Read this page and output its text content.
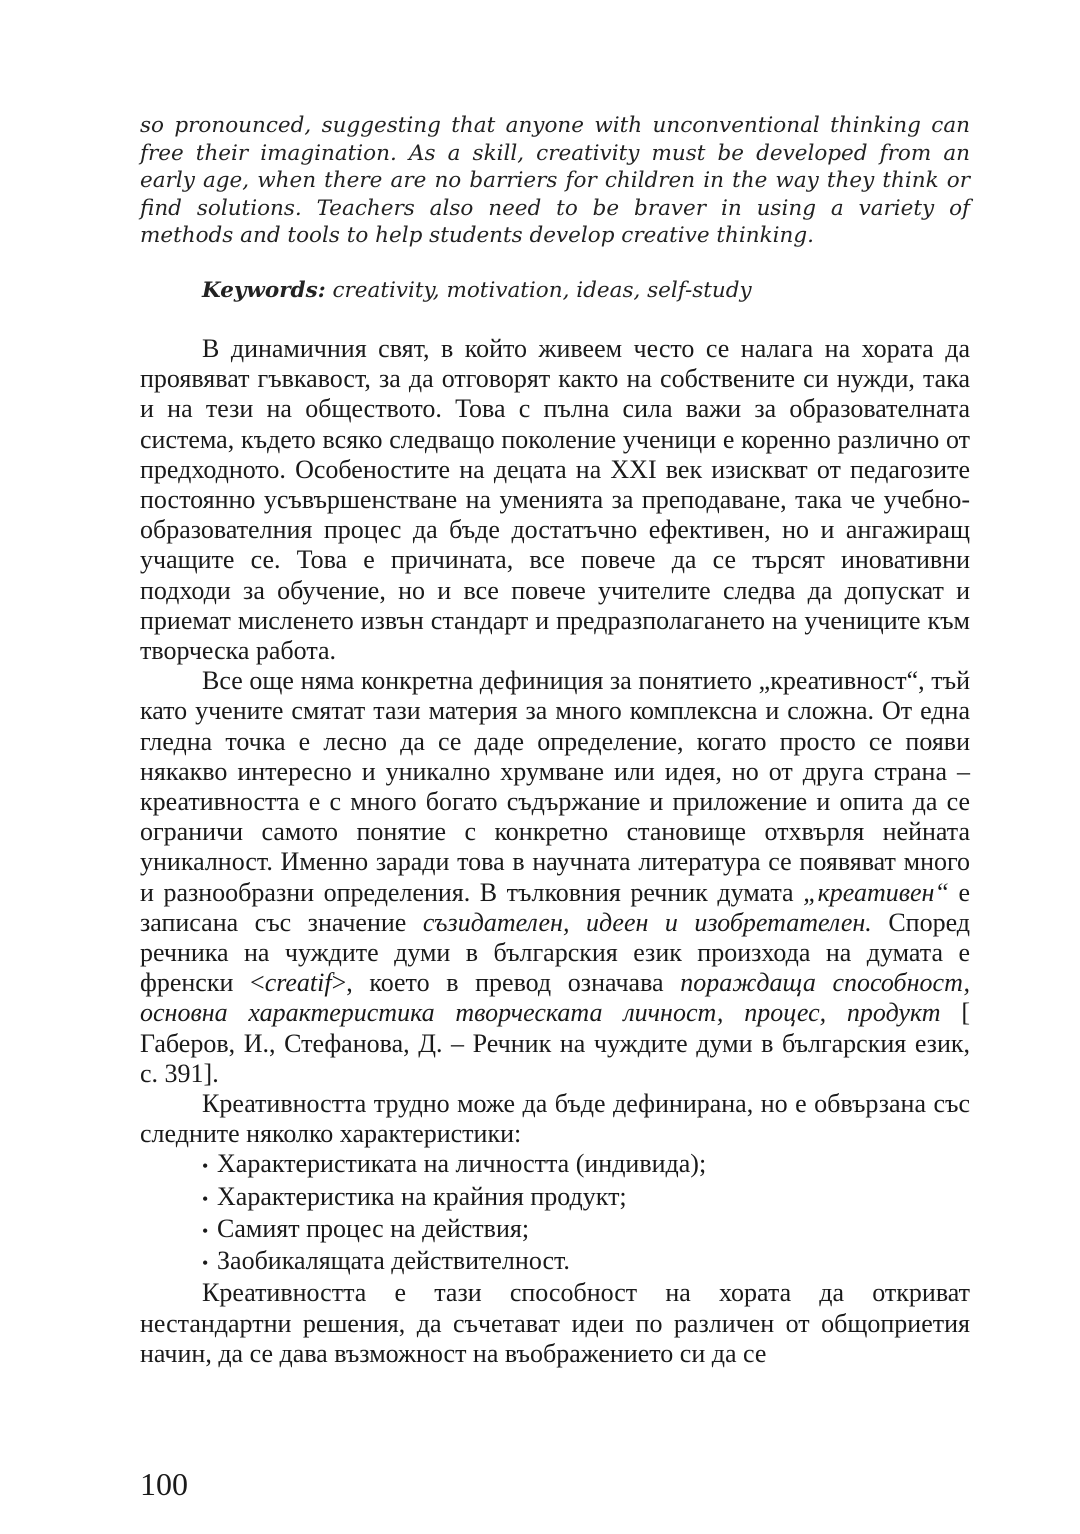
so pronounced, suggesting that anyone with unconventional thinking can free their imagination. As a skill, creativity must be developed from an early age, when there are no barriers for children in the way they think or find solutions. Teachers also need to be braver in using a variety of methods and tools to help students develop creative thinking.

Keywords: creativity, motivation, ideas, self-study

В динамичния свят, в който живеем често се налага на хората да проявяват гъвкавост, за да отговорят както на собствените си нужди, така и на тези на обществото. Това с пълна сила важи за образователната система, където всяко следващо поколение ученици е коренно различно от предходното. Особеностите на децата на XXI век изискват от педагозите постоянно усъвършенстване на уменията за преподаване, така че учебно-образователния процес да бъде достатъчно ефективен, но и ангажиращ учащите се. Това е причината, все повече да се търсят иновативни подходи за обучение, но и все повече учителите следва да допускат и приемат мисленето извън стандарт и предразполагането на учениците към творческа работа.

Все още няма конкретна дефиниция за понятието „креативност“, тъй като учените смятат тази материя за много комплексна и сложна. От една гледна точка е лесно да се даде определение, когато просто се появи някакво интересно и уникално хрумване или идея, но от друга страна – креативността е с много богато съдържание и приложение и опита да се ограничи самото понятие с конкретно становище отхвърля нейната уникалност. Именно заради това в научната литература се появяват много и разнообразни определения. В тълковния речник думата „креативен“ е записана със значение съзидателен, идеен и изобретателен. Според речника на чуждите думи в българския език произхода на думата е френски <creatif>, което в превод означава пораждаща способност, основна характеристика творческата личност, процес, продукт [ Габеров, И., Стефанова, Д. – Речник на чуждите думи в българския език, с. 391].

Креативността трудно може да бъде дефинирана, но е обвързана със следните няколко характеристики:

• Характеристиката на личността (индивида);
• Характеристика на крайния продукт;
• Самият процес на действия;
• Заобикалящата действителност.

Креативността е тази способност на хората да откриват нестандартни решения, да съчетават идеи по различен от общоприетия начин, да се дава възможност на въображението си да се

100
